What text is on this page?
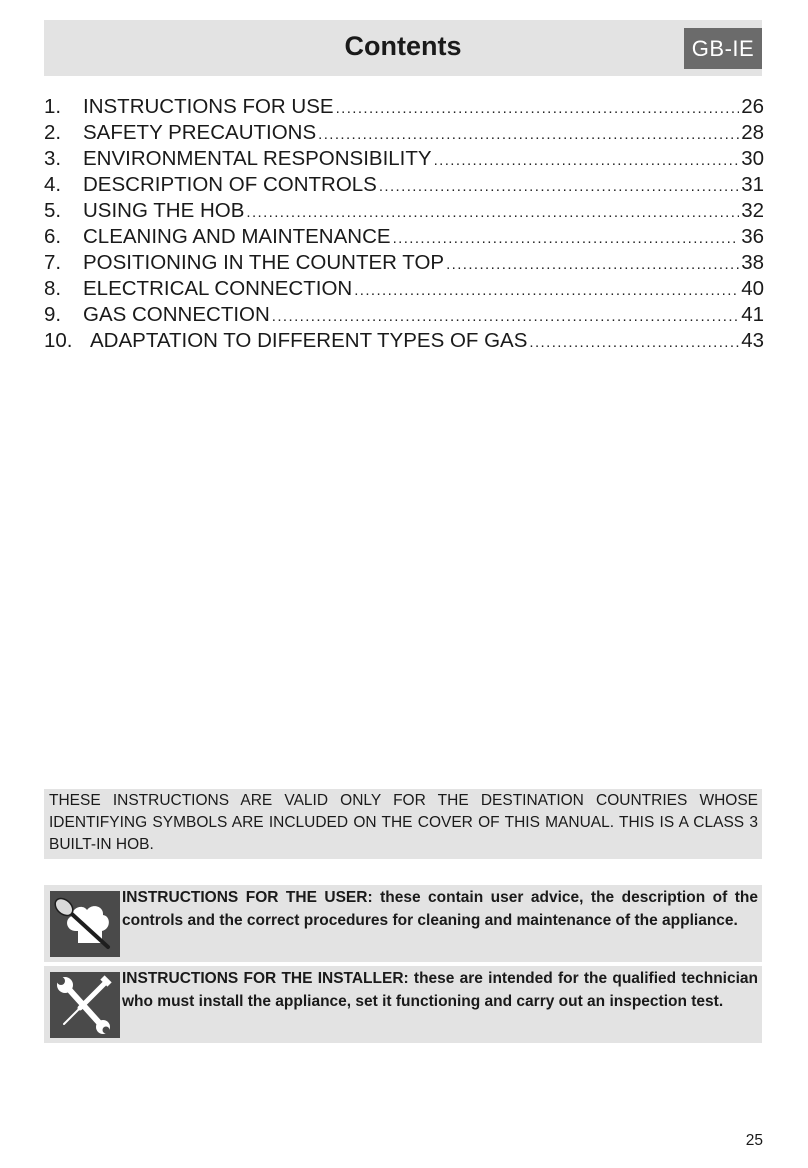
Contents	GB-IE
1.	INSTRUCTIONS FOR USE .....	26
2.	SAFETY PRECAUTIONS .....	28
3.	ENVIRONMENTAL RESPONSIBILITY .....	30
4.	DESCRIPTION OF CONTROLS .....	31
5.	USING THE HOB .....	32
6.	CLEANING AND MAINTENANCE .....	36
7.	POSITIONING IN THE COUNTER TOP .....	38
8.	ELECTRICAL CONNECTION .....	40
9.	GAS CONNECTION .....	41
10. ADAPTATION TO DIFFERENT TYPES OF GAS .....	43
THESE INSTRUCTIONS ARE VALID ONLY FOR THE DESTINATION COUNTRIES WHOSE IDENTIFYING SYMBOLS ARE INCLUDED ON THE COVER OF THIS MANUAL. THIS IS A CLASS 3 BUILT-IN HOB.
INSTRUCTIONS FOR THE USER: these contain user advice, the description of the controls and the correct procedures for cleaning and maintenance of the appliance.
INSTRUCTIONS FOR THE INSTALLER: these are intended for the qualified technician who must install the appliance, set it functioning and carry out an inspection test.
25
